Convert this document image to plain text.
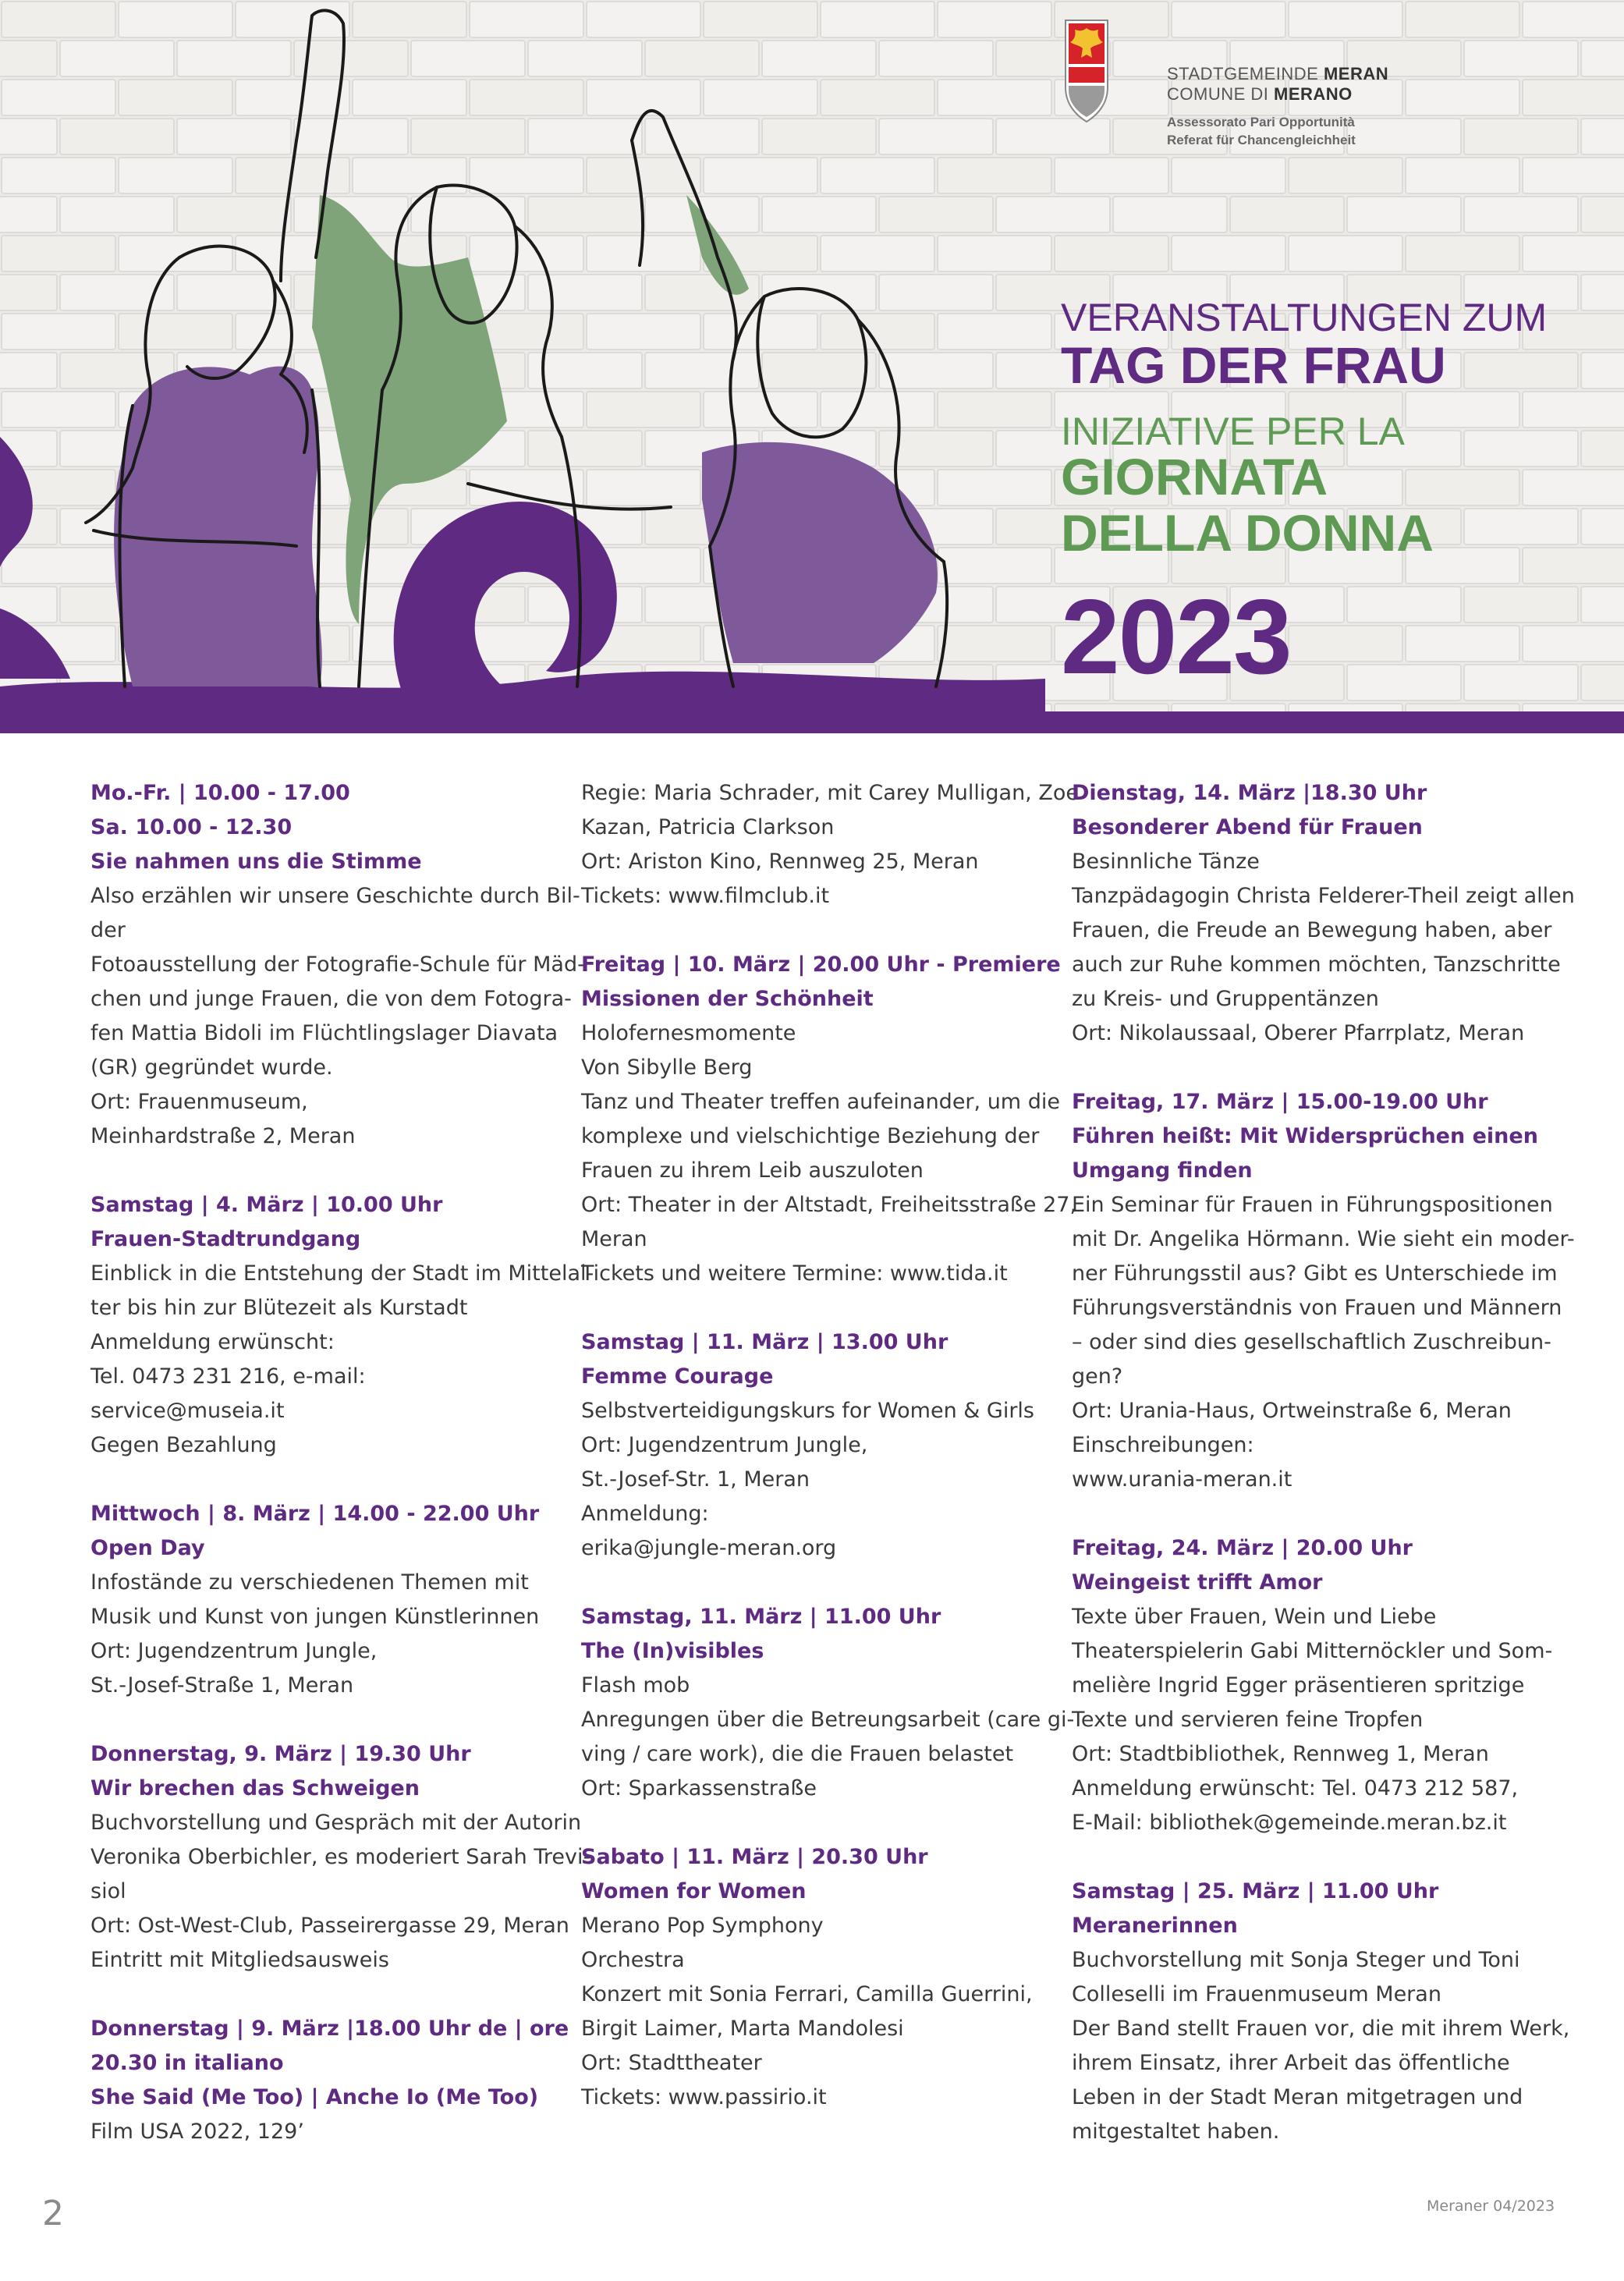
STADTGEMEINDE MERAN
COMUNE DI MERANO
Assessorato Pari Opportunità
Referat für Chancengleichheit
VERANSTALTUNGEN ZUM
TAG DER FRAU
INIZIATIVE PER LA
GIORNATA
DELLA DONNA
2023
Mo.-Fr. | 10.00 - 17.00
Sa. 10.00 - 12.30
Sie nahmen uns die Stimme
Also erzählen wir unsere Geschichte durch Bil-
der
Fotoausstellung der Fotografie-Schule für Mäd-
chen und junge Frauen, die von dem Fotogra-
fen Mattia Bidoli im Flüchtlingslager Diavata
(GR) gegründet wurde.
Ort: Frauenmuseum,
Meinhardstraße 2, Meran
Samstag | 4. März | 10.00 Uhr
Frauen-Stadtrundgang
Einblick in die Entstehung der Stadt im Mittelal-
ter bis hin zur Blütezeit als Kurstadt
Anmeldung erwünscht:
Tel. 0473 231 216, e-mail:
service@museia.it
Gegen Bezahlung
Mittwoch | 8. März | 14.00 - 22.00 Uhr
Open Day
Infostände zu verschiedenen Themen mit
Musik und Kunst von jungen Künstlerinnen
Ort: Jugendzentrum Jungle,
St.-Josef-Straße 1, Meran
Donnerstag, 9. März | 19.30 Uhr
Wir brechen das Schweigen
Buchvorstellung und Gespräch mit der Autorin
Veronika Oberbichler, es moderiert Sarah Trevi-
siol
Ort: Ost-West-Club, Passeirergasse 29, Meran
Eintritt mit Mitgliedsausweis
Donnerstag | 9. März |18.00 Uhr de | ore
20.30 in italiano
She Said (Me Too) | Anche Io (Me Too)
Film USA 2022, 129’
Regie: Maria Schrader, mit Carey Mulligan, Zoe
Kazan, Patricia Clarkson
Ort: Ariston Kino, Rennweg 25, Meran
Tickets: www.filmclub.it
Freitag | 10. März | 20.00 Uhr - Premiere
Missionen der Schönheit
Holofernesmomente
Von Sibylle Berg
Tanz und Theater treffen aufeinander, um die
komplexe und vielschichtige Beziehung der
Frauen zu ihrem Leib auszuloten
Ort: Theater in der Altstadt, Freiheitsstraße 27,
Meran
Tickets und weitere Termine: www.tida.it
Samstag | 11. März | 13.00 Uhr
Femme Courage
Selbstverteidigungskurs for Women & Girls
Ort: Jugendzentrum Jungle,
St.-Josef-Str. 1, Meran
Anmeldung:
erika@jungle-meran.org
Samstag, 11. März | 11.00 Uhr
The (In)visibles
Flash mob
Anregungen über die Betreungsarbeit (care gi-
ving / care work), die die Frauen belastet
Ort: Sparkassenstraße
Sabato | 11. März | 20.30 Uhr
Women for Women
Merano Pop Symphony
Orchestra
Konzert mit Sonia Ferrari, Camilla Guerrini,
Birgit Laimer, Marta Mandolesi
Ort: Stadttheater
Tickets: www.passirio.it
Dienstag, 14. März |18.30 Uhr
Besonderer Abend für Frauen
Besinnliche Tänze
Tanzpädagogin Christa Felderer-Theil zeigt allen
Frauen, die Freude an Bewegung haben, aber
auch zur Ruhe kommen möchten, Tanzschritte
zu Kreis- und Gruppentänzen
Ort: Nikolaussaal, Oberer Pfarrplatz, Meran
Freitag, 17. März | 15.00-19.00 Uhr
Führen heißt: Mit Widersprüchen einen
Umgang finden
Ein Seminar für Frauen in Führungspositionen
mit Dr. Angelika Hörmann. Wie sieht ein moder-
ner Führungsstil aus? Gibt es Unterschiede im
Führungsverständnis von Frauen und Männern
– oder sind dies gesellschaftlich Zuschreibun-
gen?
Ort: Urania-Haus, Ortweinstraße 6, Meran
Einschreibungen:
www.urania-meran.it
Freitag, 24. März | 20.00 Uhr
Weingeist trifft Amor
Texte über Frauen, Wein und Liebe
Theaterspielerin Gabi Mitternöckler und Som-
melière Ingrid Egger präsentieren spritzige
Texte und servieren feine Tropfen
Ort: Stadtbibliothek, Rennweg 1, Meran
Anmeldung erwünscht: Tel. 0473 212 587,
E-Mail: bibliothek@gemeinde.meran.bz.it
Samstag | 25. März | 11.00 Uhr
Meranerinnen
Buchvorstellung mit Sonja Steger und Toni
Colleselli im Frauenmuseum Meran
Der Band stellt Frauen vor, die mit ihrem Werk,
ihrem Einsatz, ihrer Arbeit das öffentliche
Leben in der Stadt Meran mitgetragen und
mitgestaltet haben.
2	Meraner 04/2023
